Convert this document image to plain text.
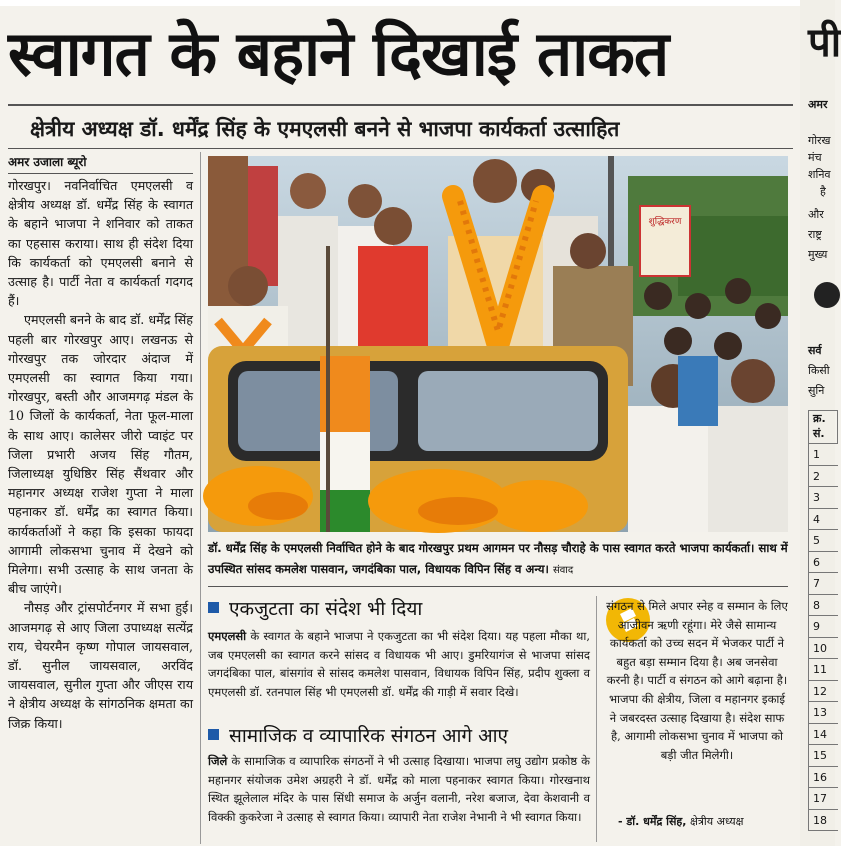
स्वागत के बहाने दिखाई ताकत
क्षेत्रीय अध्यक्ष डॉ. धर्मेंद्र सिंह के एमएलसी बनने से भाजपा कार्यकर्ता उत्साहित
अमर उजाला ब्यूरो

गोरखपुर। नवनिर्वाचित एमएलसी व क्षेत्रीय अध्यक्ष डॉ. धर्मेंद्र सिंह के स्वागत के बहाने भाजपा ने शनिवार को ताकत का एहसास कराया। साथ ही संदेश दिया कि कार्यकर्ता को एमएलसी बनाने से उत्साह है। पार्टी नेता व कार्यकर्ता गदगद हैं।

एमएलसी बनने के बाद डॉ. धर्मेंद्र सिंह पहली बार गोरखपुर आए। लखनऊ से गोरखपुर तक जोरदार अंदाज में एमएलसी का स्वागत किया गया। गोरखपुर, बस्ती और आजमगढ़ मंडल के 10 जिलों के कार्यकर्ता, नेता फूल-माला के साथ आए। कालेसर जीरो प्वाइंट पर जिला प्रभारी अजय सिंह गौतम, जिलाध्यक्ष युधिष्ठिर सिंह सैंथवार और महानगर अध्यक्ष राजेश गुप्ता ने माला पहनाकर डॉ. धर्मेंद्र का स्वागत किया। कार्यकर्ताओं ने कहा कि इसका फायदा आगामी लोकसभा चुनाव में देखने को मिलेगा। सभी उत्साह के साथ जनता के बीच जाएंगे।

नौसड़ और ट्रांसपोर्टनगर में सभा हुई। आजमगढ़ से आए जिला उपाध्यक्ष सत्येंद्र राय, चेयरमैन कृष्ण गोपाल जायसवाल, डॉ. सुनील जायसवाल, अरविंद जायसवाल, सुनील गुप्ता और जीएस राय ने क्षेत्रीय अध्यक्ष के सांगठनिक क्षमता का जिक्र किया।

शुद्धिकरण
डॉ. धर्मेंद्र सिंह के एमएलसी निर्वाचित होने के बाद गोरखपुर प्रथम आगमन पर नौसड़ चौराहे के पास स्वागत करते भाजपा कार्यकर्ता। साथ में उपस्थित सांसद कमलेश पासवान, जगदंबिका पाल, विधायक विपिन सिंह व अन्य। संवाद
एकजुटता का संदेश भी दिया
एमएलसी के स्वागत के बहाने भाजपा ने एकजुटता का भी संदेश दिया। यह पहला मौका था, जब एमएलसी का स्वागत करने सांसद व विधायक भी आए। डुमरियागंज से भाजपा सांसद जगदंबिका पाल, बांसगांव से सांसद कमलेश पासवान, विधायक विपिन सिंह, प्रदीप शुक्ला व एमएलसी डॉ. रतनपाल सिंह भी एमएलसी डॉ. धर्मेंद्र की गाड़ी में सवार दिखे।
सामाजिक व व्यापारिक संगठन आगे आए
जिले के सामाजिक व व्यापारिक संगठनों ने भी उत्साह दिखाया। भाजपा लघु उद्योग प्रकोष्ठ के महानगर संयोजक उमेश अग्रहरी ने डॉ. धर्मेंद्र को माला पहनाकर स्वागत किया। गोरखनाथ स्थित झूलेलाल मंदिर के पास सिंधी समाज के अर्जुन वलानी, नरेश बजाज, देवा केशवानी व विक्की कुकरेजा ने उत्साह से स्वागत किया। व्यापारी नेता राजेश नेभानी ने भी स्वागत किया।
संगठन से मिले अपार स्नेह व सम्मान के लिए आजीवन ऋणी रहूंगा। मेरे जैसे सामान्य कार्यकर्ता को उच्च सदन में भेजकर पार्टी ने बहुत बड़ा सम्मान दिया है। अब जनसेवा करनी है। पार्टी व संगठन को आगे बढ़ाना है। भाजपा की क्षेत्रीय, जिला व महानगर इकाई ने जबरदस्त उत्साह दिखाया है। संदेश साफ है, आगामी लोकसभा चुनाव में भाजपा को बड़ी जीत मिलेगी।
- डॉ. धर्मेंद्र सिंह, क्षेत्रीय अध्यक्ष
पी
अमर
गोरख
मंच
शनिव
है
और
राष्ट्र
मुख्य
सर्व
किसी
सुनि
क्र. सं.
1
2
3
4
5
6
7
8
9
10
11
12
13
14
15
16
17
18
